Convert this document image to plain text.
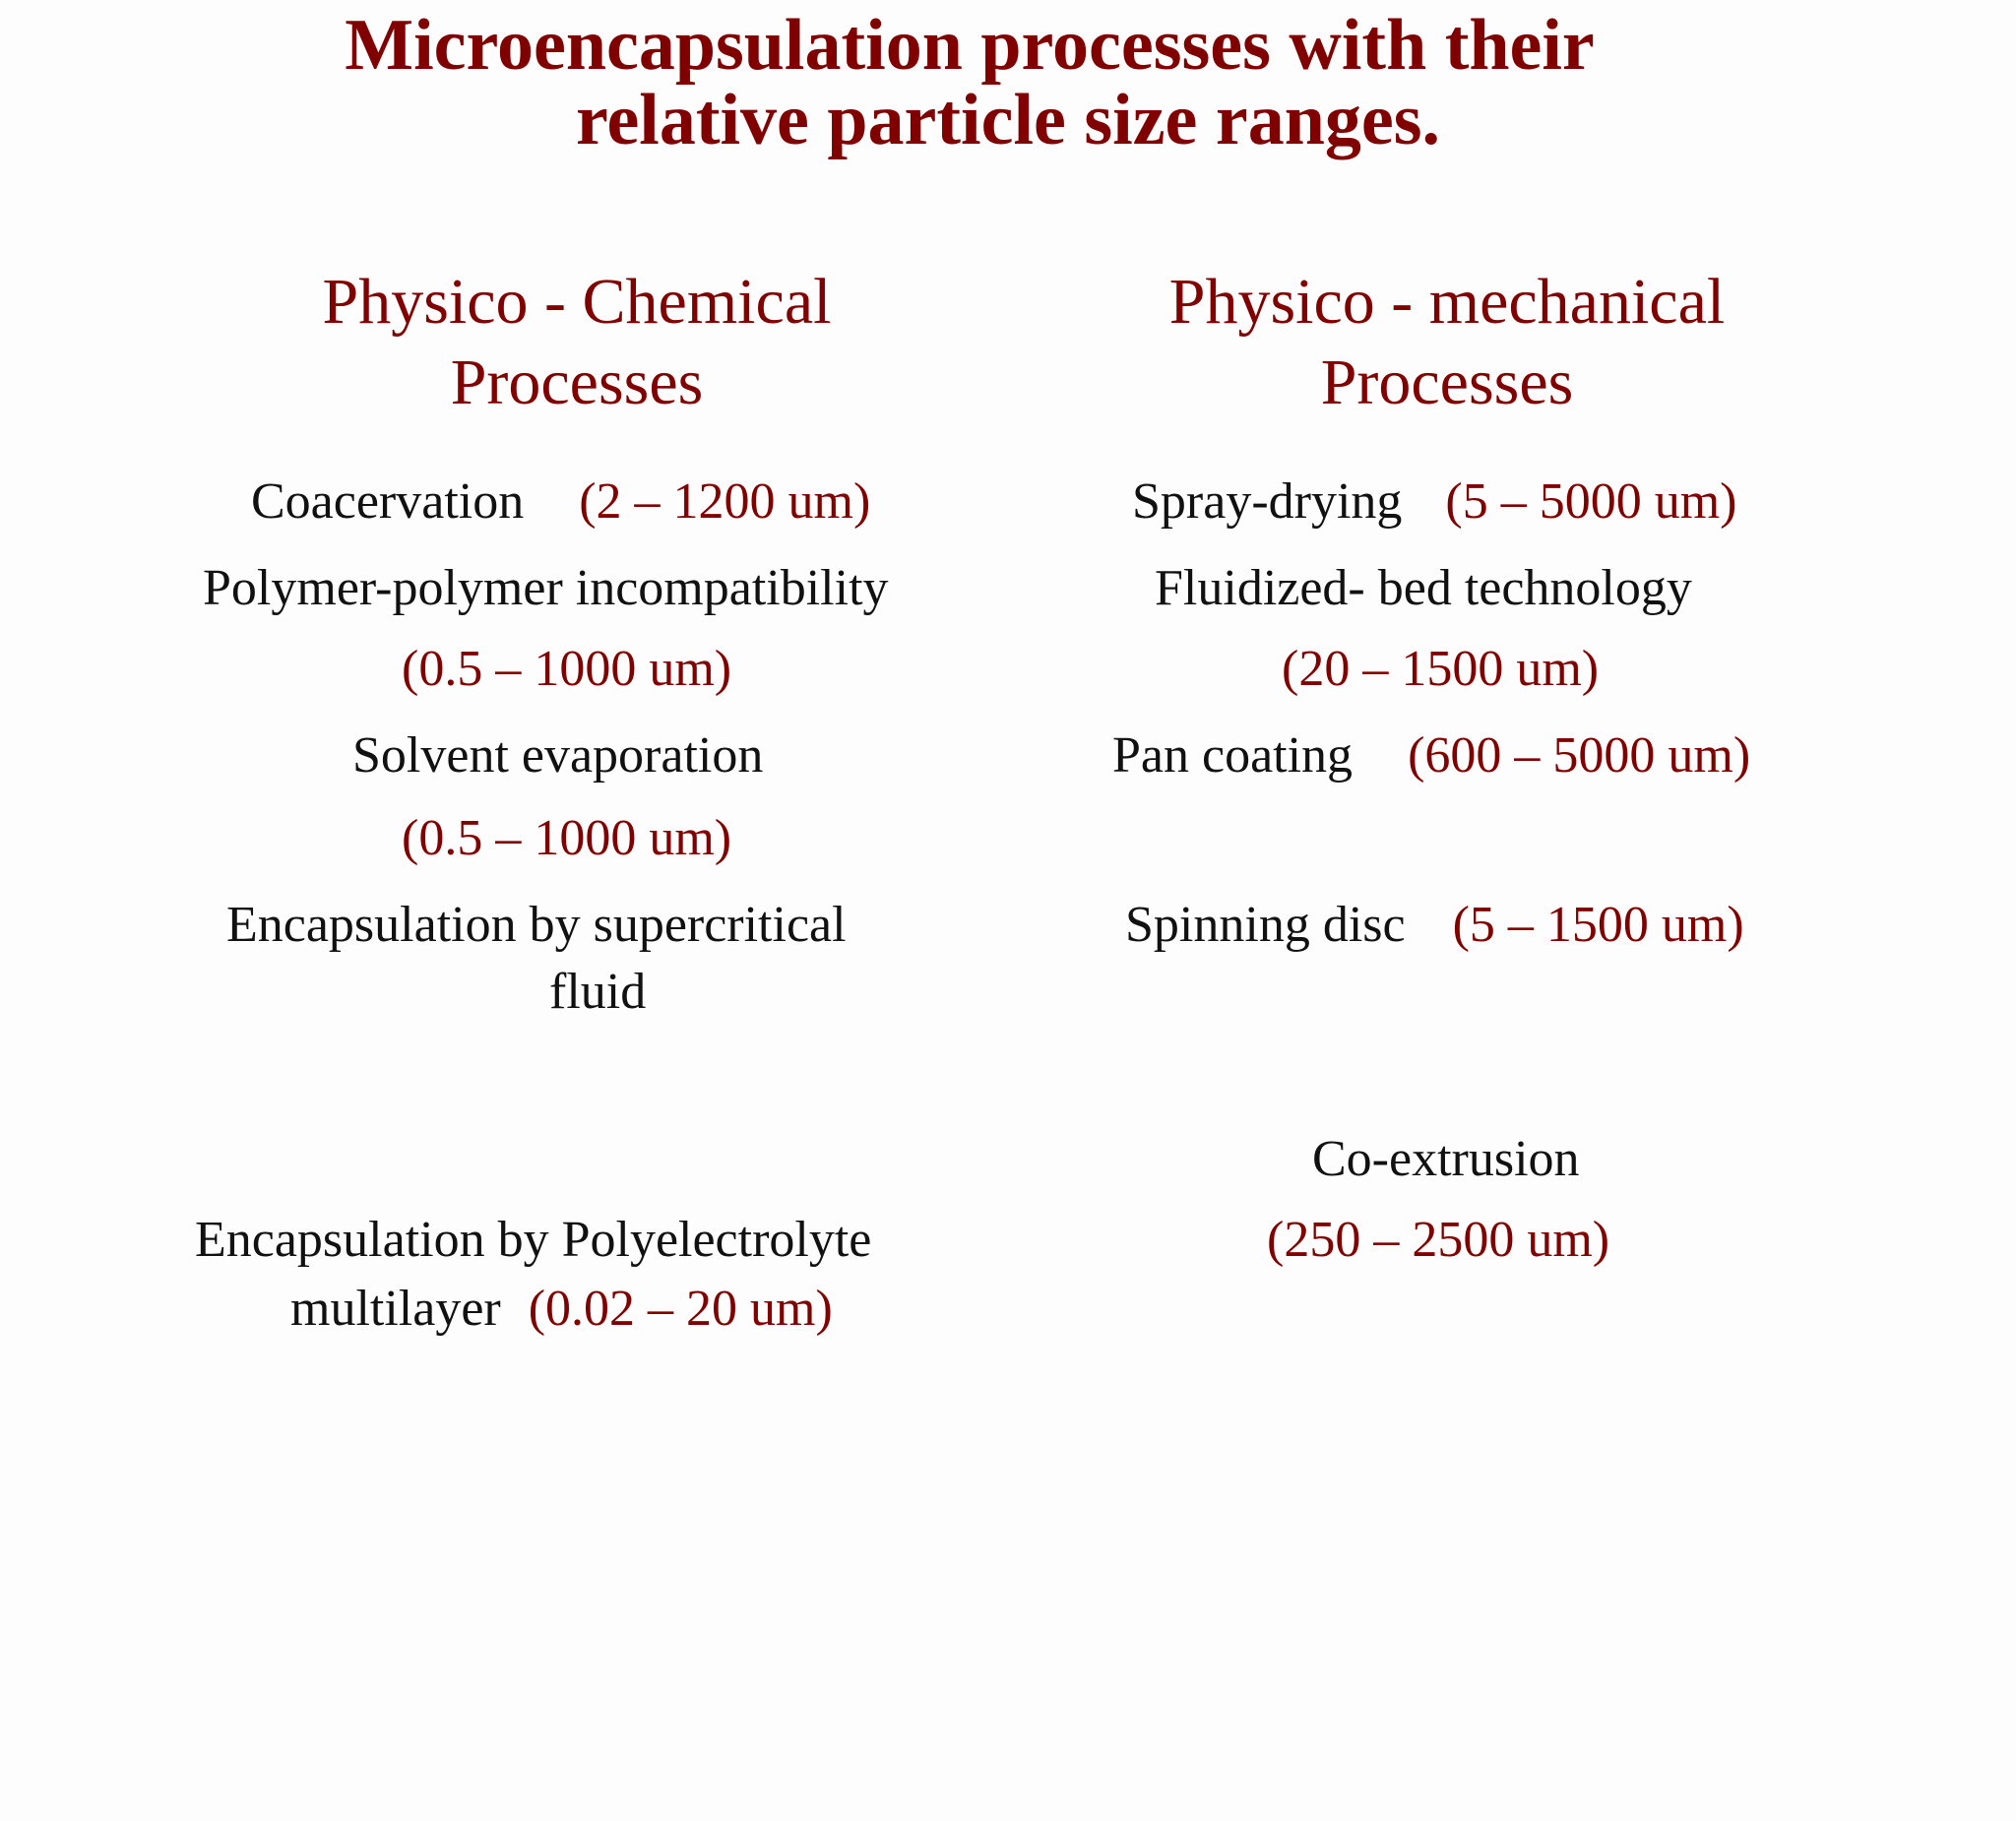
Microencapsulation processes with their
relative particle size ranges.
Physico - Chemical
Processes

Coacervation (2 – 1200 um)

Polymer-polymer incompatibility

(0.5 – 1000 um)

Solvent evaporation

(0.5 – 1000 um)

Encapsulation by supercritical

fluid

Encapsulation by Polyelectrolyte

multilayer (0.02 – 20 um)

Physico - mechanical
Processes

Spray-drying (5 – 5000 um)

Fluidized- bed technology

(20 – 1500 um)

Pan coating (600 – 5000 um)

Spinning disc (5 – 1500 um)

Co-extrusion

(250 – 2500 um)
